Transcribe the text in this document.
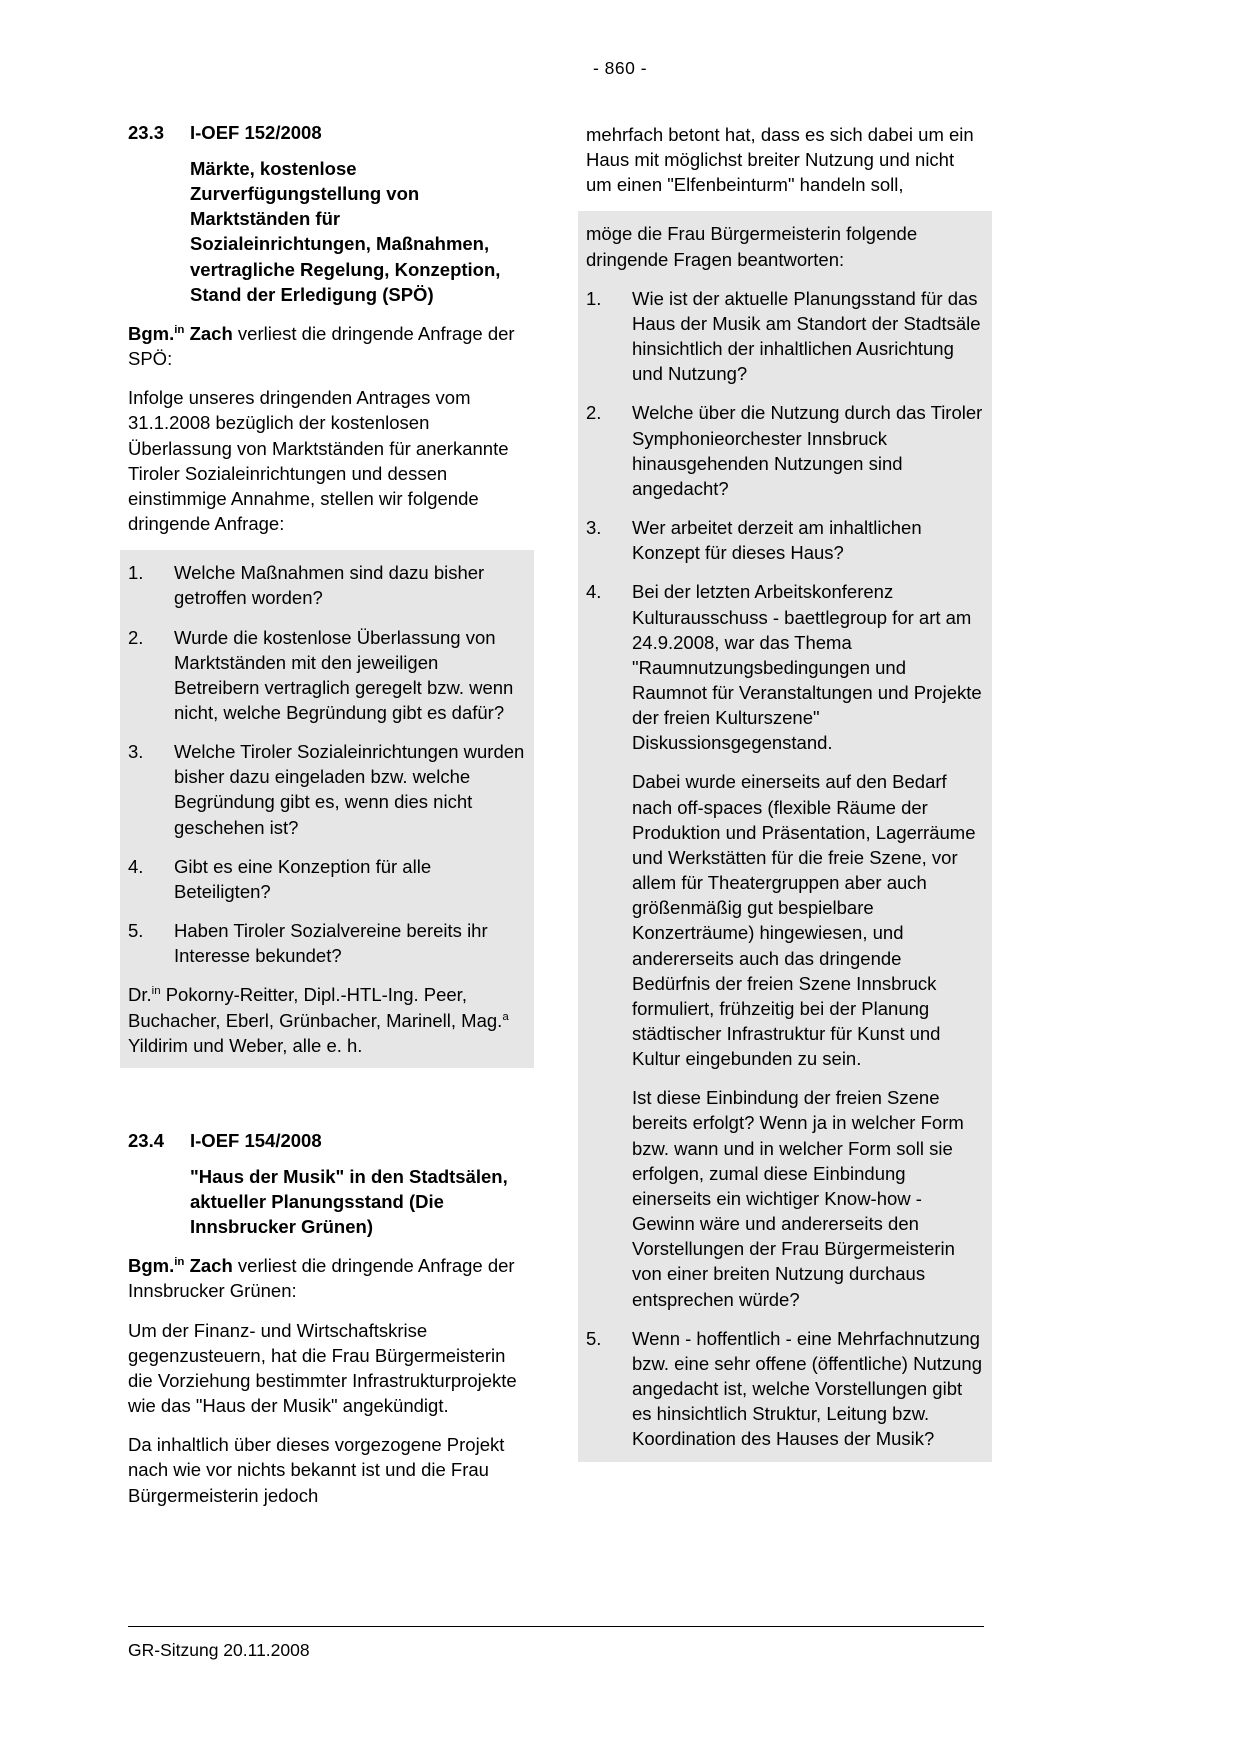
- 860 -
23.3	I-OEF 152/2008
Märkte, kostenlose Zurverfügungstellung von Marktständen für Sozialeinrichtungen, Maßnahmen, vertragliche Regelung, Konzeption, Stand der Erledigung (SPÖ)

Bgm.$^{in}$ Zach verliest die dringende Anfrage der SPÖ:

Infolge unseres dringenden Antrages vom 31.1.2008 bezüglich der kostenlosen Überlassung von Marktständen für anerkannte Tiroler Sozialeinrichtungen und dessen einstimmige Annahme, stellen wir folgende dringende Anfrage:

1.	Welche Maßnahmen sind dazu bisher getroffen worden?
2.	Wurde die kostenlose Überlassung von Marktständen mit den jeweiligen Betreibern vertraglich geregelt bzw. wenn nicht, welche Begründung gibt es dafür?
3.	Welche Tiroler Sozialeinrichtungen wurden bisher dazu eingeladen bzw. welche Begründung gibt es, wenn dies nicht geschehen ist?
4.	Gibt es eine Konzeption für alle Beteiligten?
5.	Haben Tiroler Sozialvereine bereits ihr Interesse bekundet?

Dr.$^{in}$ Pokorny-Reitter, Dipl.-HTL-Ing. Peer, Buchacher, Eberl, Grünbacher, Marinell, Mag.$^a$ Yildirim und Weber, alle e. h.

23.4	I-OEF 154/2008
"Haus der Musik" in den Stadtsälen, aktueller Planungsstand (Die Innsbrucker Grünen)

Bgm.$^{in}$ Zach verliest die dringende Anfrage der Innsbrucker Grünen:

Um der Finanz- und Wirtschaftskrise gegenzusteuern, hat die Frau Bürgermeisterin die Vorziehung bestimmter Infrastrukturprojekte wie das "Haus der Musik" angekündigt.

Da inhaltlich über dieses vorgezogene Projekt nach wie vor nichts bekannt ist und die Frau Bürgermeisterin jedoch

mehrfach betont hat, dass es sich dabei um ein Haus mit möglichst breiter Nutzung und nicht um einen "Elfenbeinturm" handeln soll,

möge die Frau Bürgermeisterin folgende dringende Fragen beantworten:

1.	Wie ist der aktuelle Planungsstand für das Haus der Musik am Standort der Stadtsäle hinsichtlich der inhaltlichen Ausrichtung und Nutzung?

2.	Welche über die Nutzung durch das Tiroler Symphonieorchester Innsbruck hinausgehenden Nutzungen sind angedacht?

3.	Wer arbeitet derzeit am inhaltlichen Konzept für dieses Haus?

4.	Bei der letzten Arbeitskonferenz Kulturausschuss - baettlegroup for art am 24.9.2008, war das Thema "Raumnutzungsbedingungen und Raumnot für Veranstaltungen und Projekte der freien Kulturszene" Diskussionsgegenstand.

Dabei wurde einerseits auf den Bedarf nach off-spaces (flexible Räume der Produktion und Präsentation, Lagerräume und Werkstätten für die freie Szene, vor allem für Theatergruppen aber auch größenmäßig gut bespielbare Konzerträume) hingewiesen, und andererseits auch das dringende Bedürfnis der freien Szene Innsbruck formuliert, frühzeitig bei der Planung städtischer Infrastruktur für Kunst und Kultur eingebunden zu sein.

Ist diese Einbindung der freien Szene bereits erfolgt? Wenn ja in welcher Form bzw. wann und in welcher Form soll sie erfolgen, zumal diese Einbindung einerseits ein wichtiger Know-how - Gewinn wäre und andererseits den Vorstellungen der Frau Bürgermeisterin von einer breiten Nutzung durchaus entsprechen würde?

5.	Wenn - hoffentlich - eine Mehrfachnutzung bzw. eine sehr offene (öffentliche) Nutzung angedacht ist, welche Vorstellungen gibt es hinsichtlich Struktur, Leitung bzw. Koordination des Hauses der Musik?

GR-Sitzung 20.11.2008
